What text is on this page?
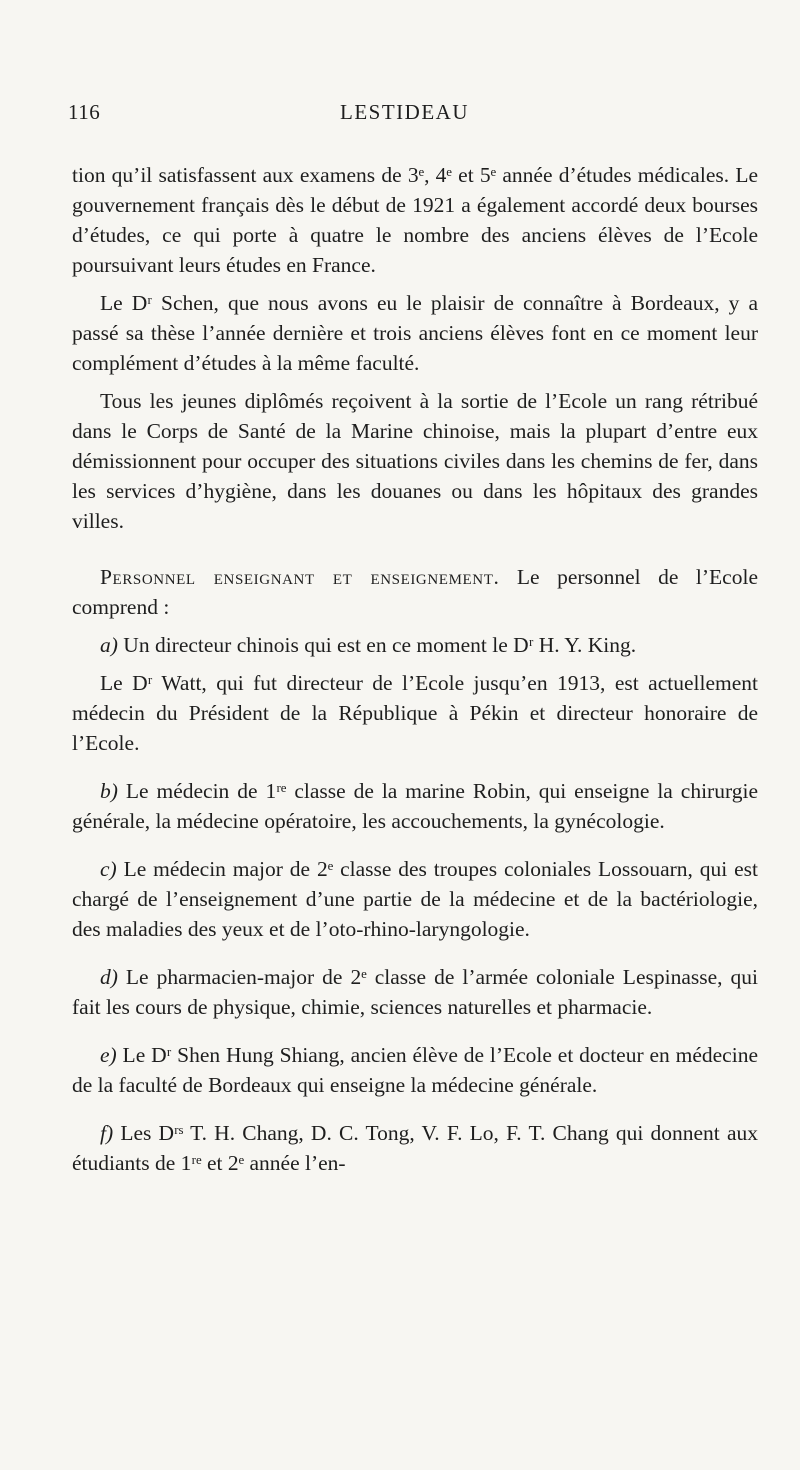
116	LESTIDEAU

tion qu’il satisfassent aux examens de 3ᵉ, 4ᵉ et 5ᵉ année d’études médicales. Le gouvernement français dès le début de 1921 a également accordé deux bourses d’études, ce qui porte à quatre le nombre des anciens élèves de l’Ecole poursuivant leurs études en France.

Le Dʳ Schen, que nous avons eu le plaisir de connaître à Bordeaux, y a passé sa thèse l’année dernière et trois anciens élèves font en ce moment leur complément d’études à la même faculté.

Tous les jeunes diplômés reçoivent à la sortie de l’Ecole un rang rétribué dans le Corps de Santé de la Marine chinoise, mais la plupart d’entre eux démissionnent pour occuper des situations civiles dans les chemins de fer, dans les services d’hygiène, dans les douanes ou dans les hôpitaux des grandes villes.

Personnel enseignant et enseignement. Le personnel de l’Ecole comprend :

a) Un directeur chinois qui est en ce moment le Dʳ H. Y. King.

Le Dʳ Watt, qui fut directeur de l’Ecole jusqu’en 1913, est actuellement médecin du Président de la République à Pékin et directeur honoraire de l’Ecole.

b) Le médecin de 1ʳᵉ classe de la marine Robin, qui enseigne la chirurgie générale, la médecine opératoire, les accouchements, la gynécologie.

c) Le médecin major de 2ᵉ classe des troupes coloniales Lossouarn, qui est chargé de l’enseignement d’une partie de la médecine et de la bactériologie, des maladies des yeux et de l’oto-rhino-laryngologie.

d) Le pharmacien-major de 2ᵉ classe de l’armée coloniale Lespinasse, qui fait les cours de physique, chimie, sciences naturelles et pharmacie.

e) Le Dʳ Shen Hung Shiang, ancien élève de l’Ecole et docteur en médecine de la faculté de Bordeaux qui enseigne la médecine générale.

f) Les Dʳˢ T. H. Chang, D. C. Tong, V. F. Lo, F. T. Chang qui donnent aux étudiants de 1ʳᵉ et 2ᵉ année l’en-
